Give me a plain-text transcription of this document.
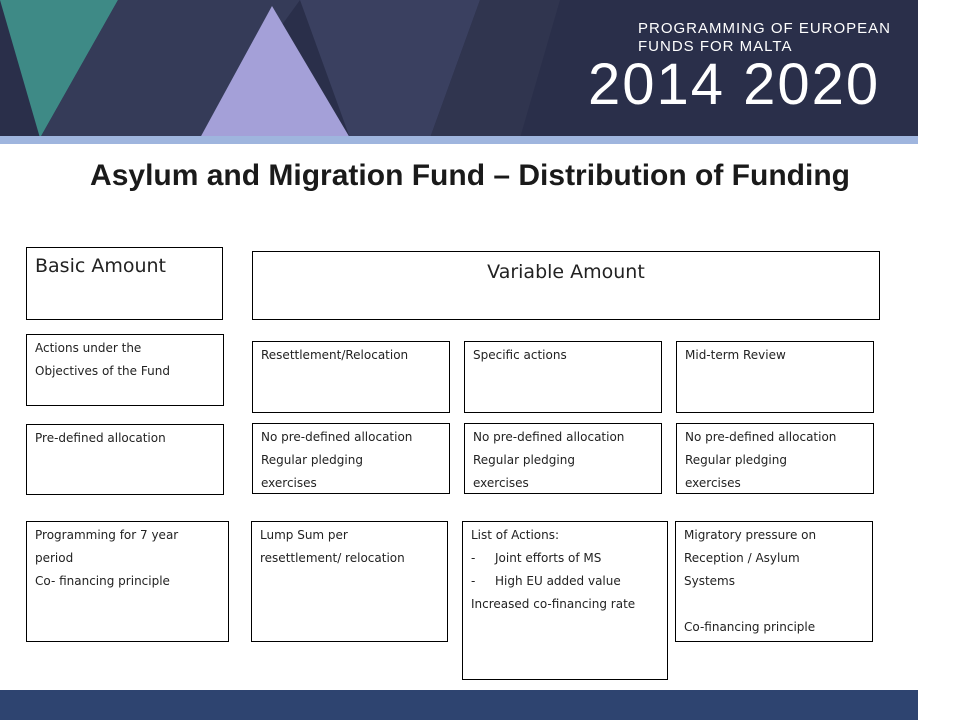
PROGRAMMING OF EUROPEAN
FUNDS FOR MALTA
2014 2020
Asylum and Migration Fund – Distribution of Funding
Basic Amount
Actions under the Objectives of the Fund
Pre-defined allocation
Programming for 7 year period
Co- financing principle
Variable Amount
Resettlement/Relocation
No pre-defined allocation
Regular pledging exercises
Lump Sum per resettlement/ relocation
Specific actions
No pre-defined allocation
Regular pledging exercises
List of Actions:
- Joint efforts of MS
- High EU added value
Increased co-financing rate
Mid-term Review
No pre-defined allocation
Regular pledging exercises
Migratory pressure on Reception / Asylum Systems
Co-financing principle
